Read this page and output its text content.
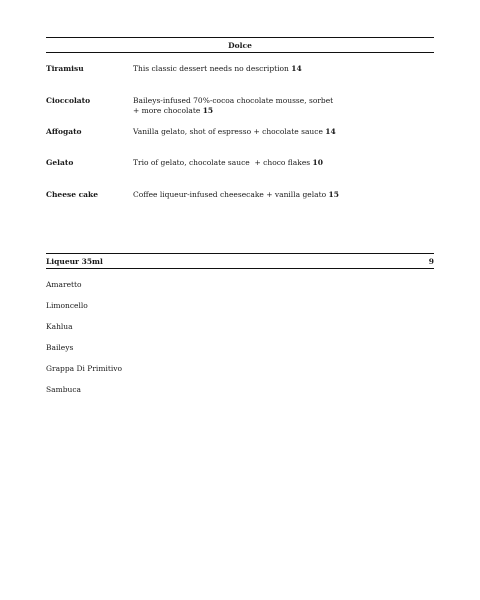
Dolce
Tiramisu	This classic dessert needs no description 14
Cioccolato	Baileys-infused 70%-cocoa chocolate mousse, sorbet
+ more chocolate 15
Affogato	Vanilla gelato, shot of espresso + chocolate sauce 14
Gelato	Trio of gelato, chocolate sauce  + choco flakes 10
Cheese cake	Coffee liqueur-infused cheesecake + vanilla gelato 15
Liqueur 35ml	9
Amaretto
Limoncello
Kahlua
Baileys
Grappa Di Primitivo
Sambuca
